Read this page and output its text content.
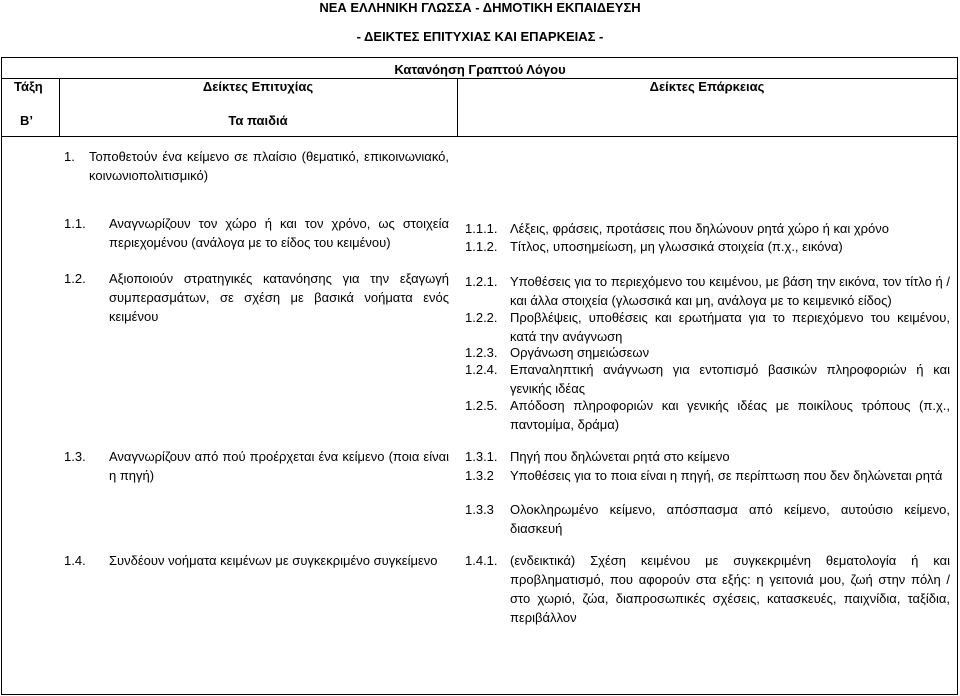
ΝΕΑ ΕΛΛΗΝΙΚΗ ΓΛΩΣΣΑ - ΔΗΜΟΤΙΚΗ ΕΚΠΑΙΔΕΥΣΗ
- ΔΕΙΚΤΕΣ ΕΠΙΤΥΧΙΑΣ ΚΑΙ ΕΠΑΡΚΕΙΑΣ -
Κατανόηση Γραπτού Λόγου
Τάξη
Β’
Δείκτες Επιτυχίας
Τα παιδιά
Δείκτες Επάρκειας
1. Τοποθετούν ένα κείμενο σε πλαίσιο (θεματικό, επικοινωνιακό, κοινωνιοπολιτισμικό)
1.1. Αναγνωρίζουν τον χώρο ή και τον χρόνο, ως στοιχεία περιεχομένου (ανάλογα με το είδος του κειμένου)
1.2. Αξιοποιούν στρατηγικές κατανόησης για την εξαγωγή συμπερασμάτων, σε σχέση με βασικά νοήματα ενός κειμένου
1.3. Αναγνωρίζουν από πού προέρχεται ένα κείμενο (ποια είναι η πηγή)
1.4. Συνδέουν νοήματα κειμένων με συγκεκριμένο συγκείμενο
1.1.1. Λέξεις, φράσεις, προτάσεις που δηλώνουν ρητά χώρο ή και χρόνο
1.1.2. Τίτλος, υποσημείωση, μη γλωσσικά στοιχεία (π.χ., εικόνα)
1.2.1. Υποθέσεις για το περιεχόμενο του κειμένου, με βάση την εικόνα, τον τίτλο ή / και άλλα στοιχεία (γλωσσικά και μη, ανάλογα με το κειμενικό είδος)
1.2.2. Προβλέψεις, υποθέσεις και ερωτήματα για το περιεχόμενο του κειμένου, κατά την ανάγνωση
1.2.3. Οργάνωση σημειώσεων
1.2.4. Επαναληπτική ανάγνωση για εντοπισμό βασικών πληροφοριών ή και γενικής ιδέας
1.2.5. Απόδοση πληροφοριών και γενικής ιδέας με ποικίλους τρόπους (π.χ., παντομίμα, δράμα)
1.3.1. Πηγή που δηλώνεται ρητά στο κείμενο
1.3.2 Υποθέσεις για το ποια είναι η πηγή, σε περίπτωση που δεν δηλώνεται ρητά
1.3.3 Ολοκληρωμένο κείμενο, απόσπασμα από κείμενο, αυτούσιο κείμενο, διασκευή
1.4.1. (ενδεικτικά) Σχέση κειμένου με συγκεκριμένη θεματολογία ή και προβληματισμό, που αφορούν στα εξής: η γειτονιά μου, ζωή στην πόλη / στο χωριό, ζώα, διαπροσωπικές σχέσεις, κατασκευές, παιχνίδια, ταξίδια, περιβάλλον
